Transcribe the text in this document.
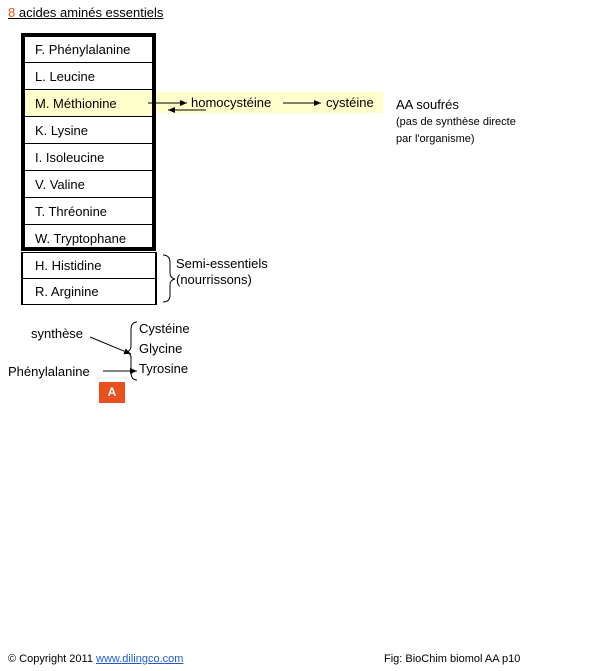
8 acides aminés essentiels
F. Phénylalanine
L. Leucine
M. Méthionine
K. Lysine
I. Isoleucine
V. Valine
T. Thréonine
W. Tryptophane
H. Histidine
R. Arginine
homocystéine	cystéine AA soufrés
(pas de synthèse directe
par l'organisme)
Semi-essentiels
(nourrissons)
synthèse
Phénylalanine
Cystéine
Glycine
Tyrosine
A
© Copyright 2011 www.dilingco.com	Fig: BioChim biomol AA p10
